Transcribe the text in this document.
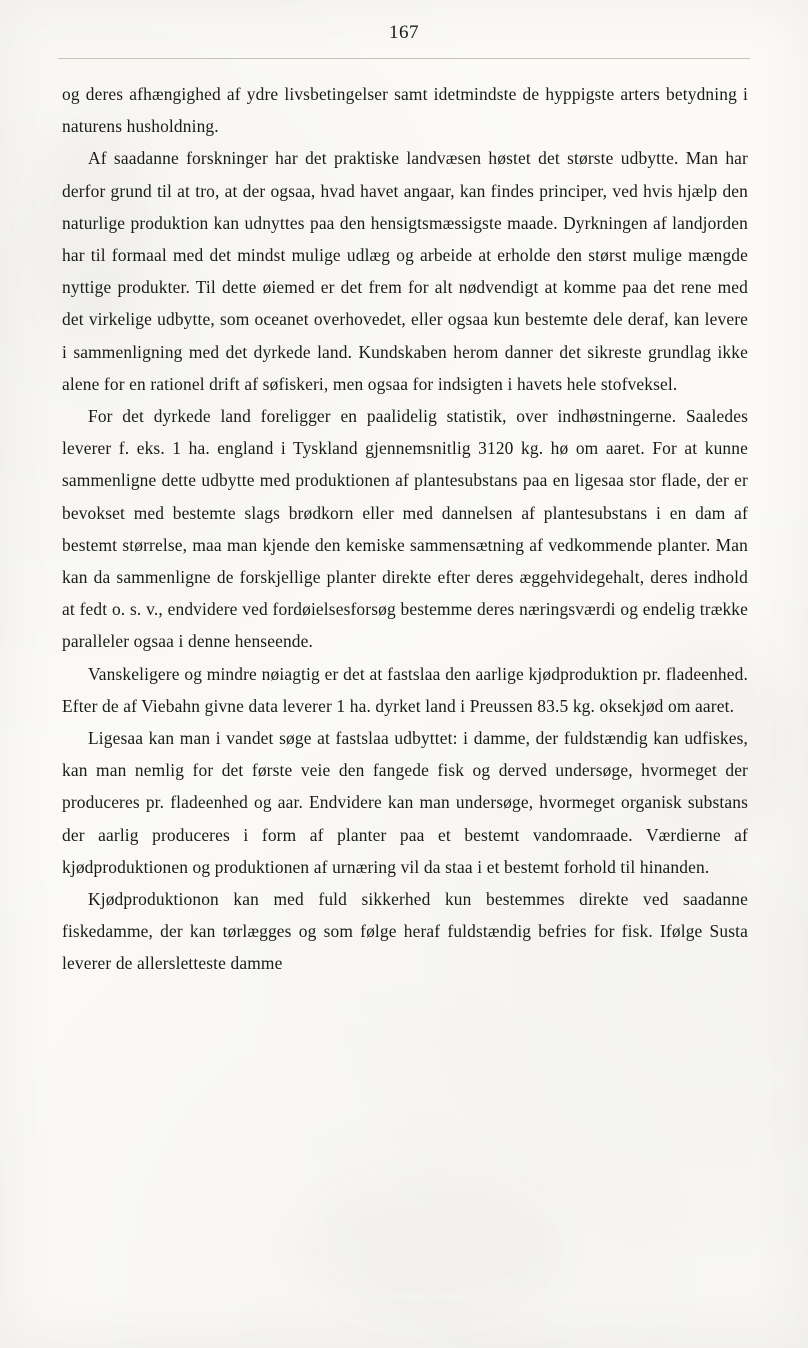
167

og deres afhængighed af ydre livsbetingelser samt idetmindste de hyppigste arters betydning i naturens husholdning.

Af saadanne forskninger har det praktiske landvæsen høstet det største udbytte. Man har derfor grund til at tro, at der ogsaa, hvad havet angaar, kan findes principer, ved hvis hjælp den naturlige produktion kan udnyttes paa den hensigtsmæssigste maade. Dyrkningen af landjorden har til formaal med det mindst mulige udlæg og arbeide at erholde den størst mulige mængde nyttige produkter. Til dette øiemed er det frem for alt nødvendigt at komme paa det rene med det virkelige udbytte, som oceanet overhovedet, eller ogsaa kun bestemte dele deraf, kan levere i sammenligning med det dyrkede land. Kundskaben herom danner det sikreste grundlag ikke alene for en rationel drift af søfiskeri, men ogsaa for indsigten i havets hele stofveksel.

For det dyrkede land foreligger en paalidelig statistik, over indhøstningerne. Saaledes leverer f. eks. 1 ha. england i Tyskland gjennemsnitlig 3120 kg. hø om aaret. For at kunne sammenligne dette udbytte med produktionen af plantesubstans paa en ligesaa stor flade, der er bevokset med bestemte slags brødkorn eller med dannelsen af plantesubstans i en dam af bestemt størrelse, maa man kjende den kemiske sammensætning af vedkommende planter. Man kan da sammenligne de forskjellige planter direkte efter deres æggehvidegehalt, deres indhold at fedt o. s. v., endvidere ved fordøielsesforsøg bestemme deres næringsværdi og endelig trække paralleler ogsaa i denne henseende.

Vanskeligere og mindre nøiagtig er det at fastslaa den aarlige kjødproduktion pr. fladeenhed. Efter de af Viebahn givne data leverer 1 ha. dyrket land i Preussen 83.5 kg. oksekjød om aaret.

Ligesaa kan man i vandet søge at fastslaa udbyttet: i damme, der fuldstændig kan udfiskes, kan man nemlig for det første veie den fangede fisk og derved undersøge, hvormeget der produceres pr. fladeenhed og aar. Endvidere kan man undersøge, hvormeget organisk substans der aarlig produceres i form af planter paa et bestemt vandomraade. Værdierne af kjødproduktionen og produktionen af urnæring vil da staa i et bestemt forhold til hinanden.

Kjødproduktionon kan med fuld sikkerhed kun bestemmes direkte ved saadanne fiskedamme, der kan tørlægges og som følge heraf fuldstændig befries for fisk. Ifølge Susta leverer de allersletteste damme
